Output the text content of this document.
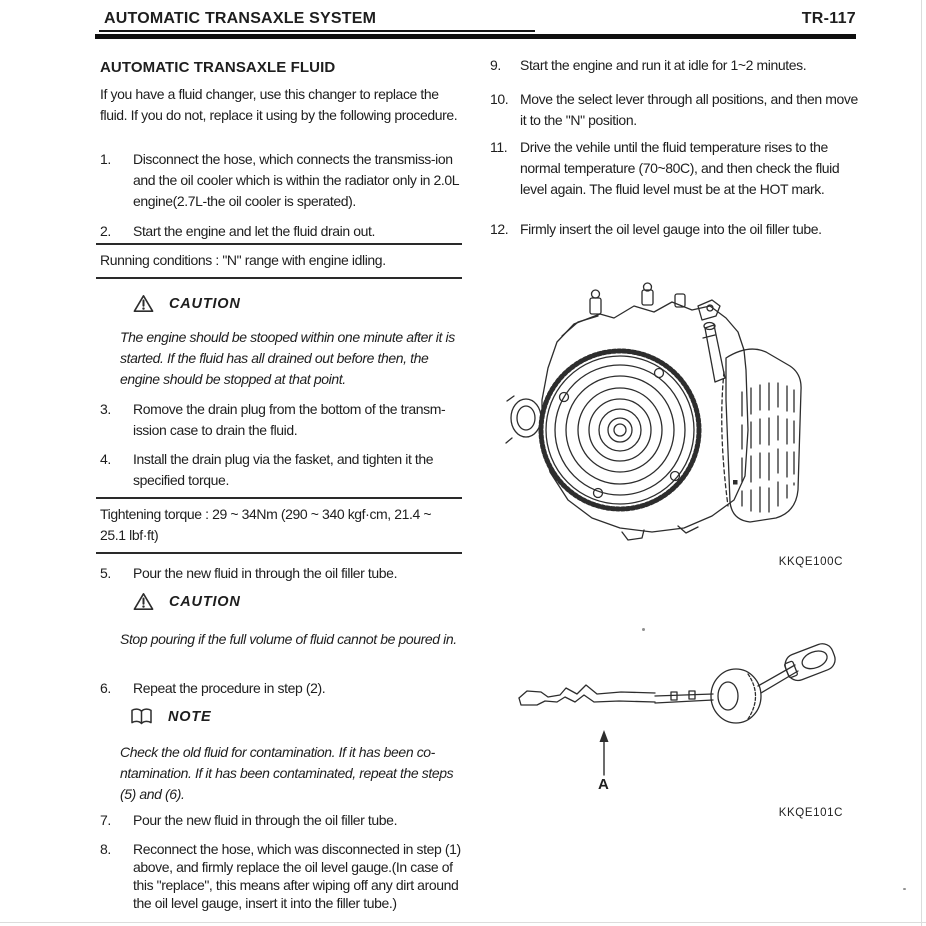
AUTOMATIC TRANSAXLE SYSTEM	TR-117
AUTOMATIC TRANSAXLE FLUID
If you have a fluid changer, use this changer to replace the fluid. If you do not, replace it using by the following procedure.
1.	Disconnect the hose, which connects the transmiss-ion and the oil cooler which is within the radiator only in 2.0L engine(2.7L-the oil cooler is sperated).
2.	Start the engine and let the fluid drain out.
Running conditions : "N" range with engine idling.
CAUTION
The engine should be stooped within one minute after it is started. If the fluid has all drained out before then, the engine should be stopped at that point.
3.	Romove the drain plug from the bottom of the transm-ission case to drain the fluid.
4.	Install the drain plug via the fasket, and tighten it the specified torque.
Tightening torque : 29 ~ 34Nm (290 ~ 340 kgf·cm, 21.4 ~ 25.1 lbf·ft)
5.	Pour the new fluid in through the oil filler tube.
CAUTION
Stop pouring if the full volume of fluid cannot be poured in.
6.	Repeat the procedure in step (2).
NOTE
Check the old fluid for contamination. If it has been co-ntamination. If it has been contaminated, repeat the steps (5) and (6).
7.	Pour the new fluid in through the oil filler tube.
8.	Reconnect the hose, which was disconnected in step (1) above, and firmly replace the oil level gauge.(In case of this "replace", this means after wiping off any dirt around the oil level gauge, insert it into the filler tube.)
9.	Start the engine and run it at idle for 1~2 minutes.
10. Move the select lever through all positions, and then move it to the "N" position.
11. Drive the vehile until the fluid temperature rises to the normal temperature (70~80C), and then check the fluid level again. The fluid level must be at the HOT mark.
12. Firmly insert the oil level gauge into the oil filler tube.
KKQE100C
A
KKQE101C
